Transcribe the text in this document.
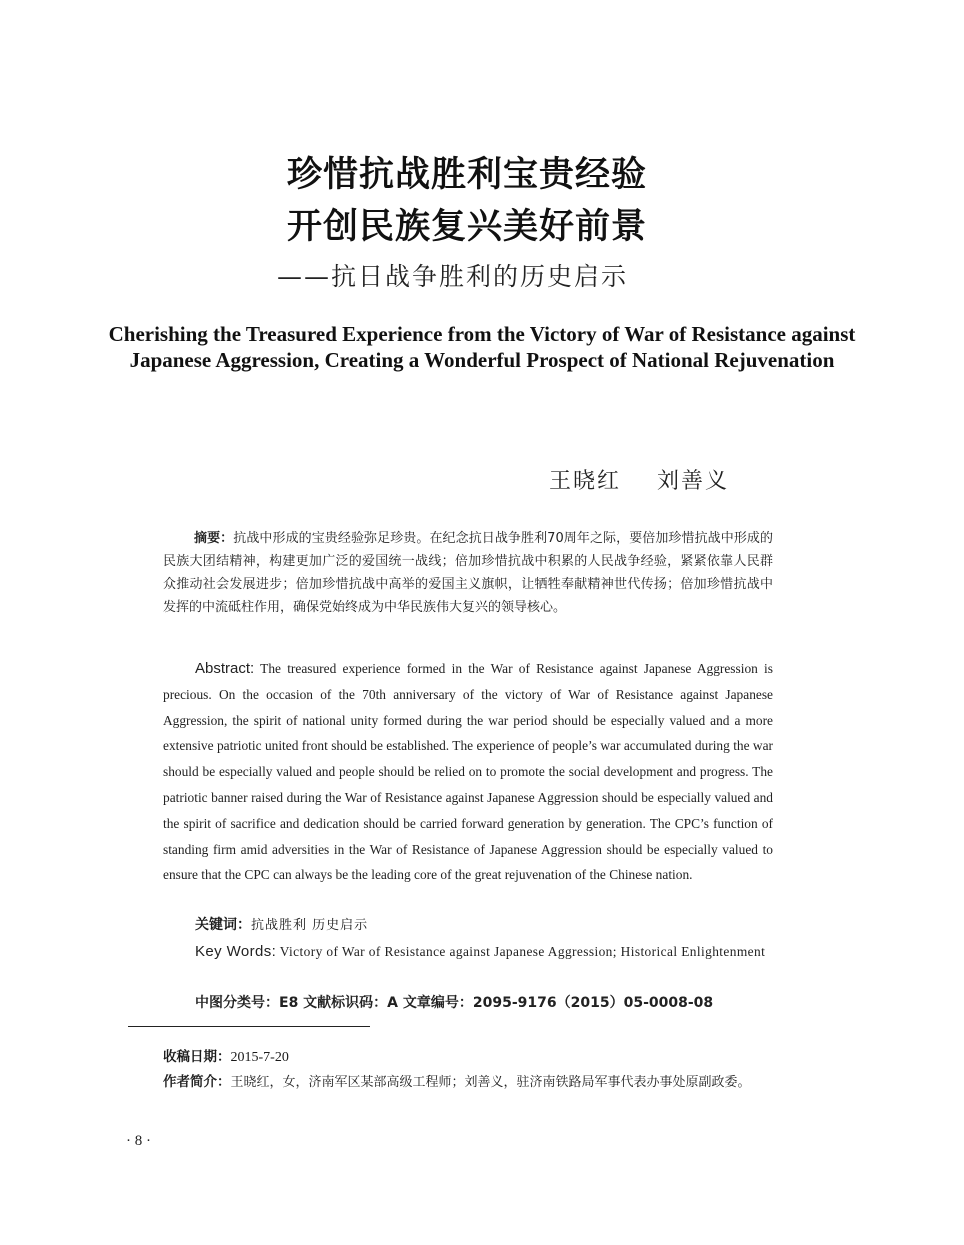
珍惜抗战胜利宝贵经验
开创民族复兴美好前景
——抗日战争胜利的历史启示
Cherishing the Treasured Experience from the Victory of War of Resistance against Japanese Aggression, Creating a Wonderful Prospect of National Rejuvenation
王晓红    刘善义

摘要：抗战中形成的宝贵经验弥足珍贵。在纪念抗日战争胜利70周年之际，要倍加珍惜抗战中形成的民族大团结精神，构建更加广泛的爱国统一战线；倍加珍惜抗战中积累的人民战争经验，紧紧依靠人民群众推动社会发展进步；倍加珍惜抗战中高举的爱国主义旗帜，让牺牲奉献精神世代传扬；倍加珍惜抗战中发挥的中流砥柱作用，确保党始终成为中华民族伟大复兴的领导核心。

Abstract: The treasured experience formed in the War of Resistance against Japanese Aggression is precious. On the occasion of the 70th anniversary of the victory of War of Resistance against Japanese Aggression, the spirit of national unity formed during the war period should be especially valued and a more extensive patriotic united front should be established. The experience of people’s war accumulated during the war should be especially valued and people should be relied on to promote the social development and progress. The patriotic banner raised during the War of Resistance against Japanese Aggression should be especially valued and the spirit of sacrifice and dedication should be carried forward generation by generation. The CPC’s function of standing firm amid adversities in the War of Resistance of Japanese Aggression should be especially valued to ensure that the CPC can always be the leading core of the great rejuvenation of the Chinese nation.

关键词：抗战胜利 历史启示

Key Words: Victory of War of Resistance against Japanese Aggression; Historical Enlightenment

中图分类号：E8 文献标识码：A 文章编号：2095-9176（2015）05-0008-08
收稿日期：2015-7-20

作者简介：王晓红，女，济南军区某部高级工程师；刘善义，驻济南铁路局军事代表办事处原副政委。

· 8 ·
